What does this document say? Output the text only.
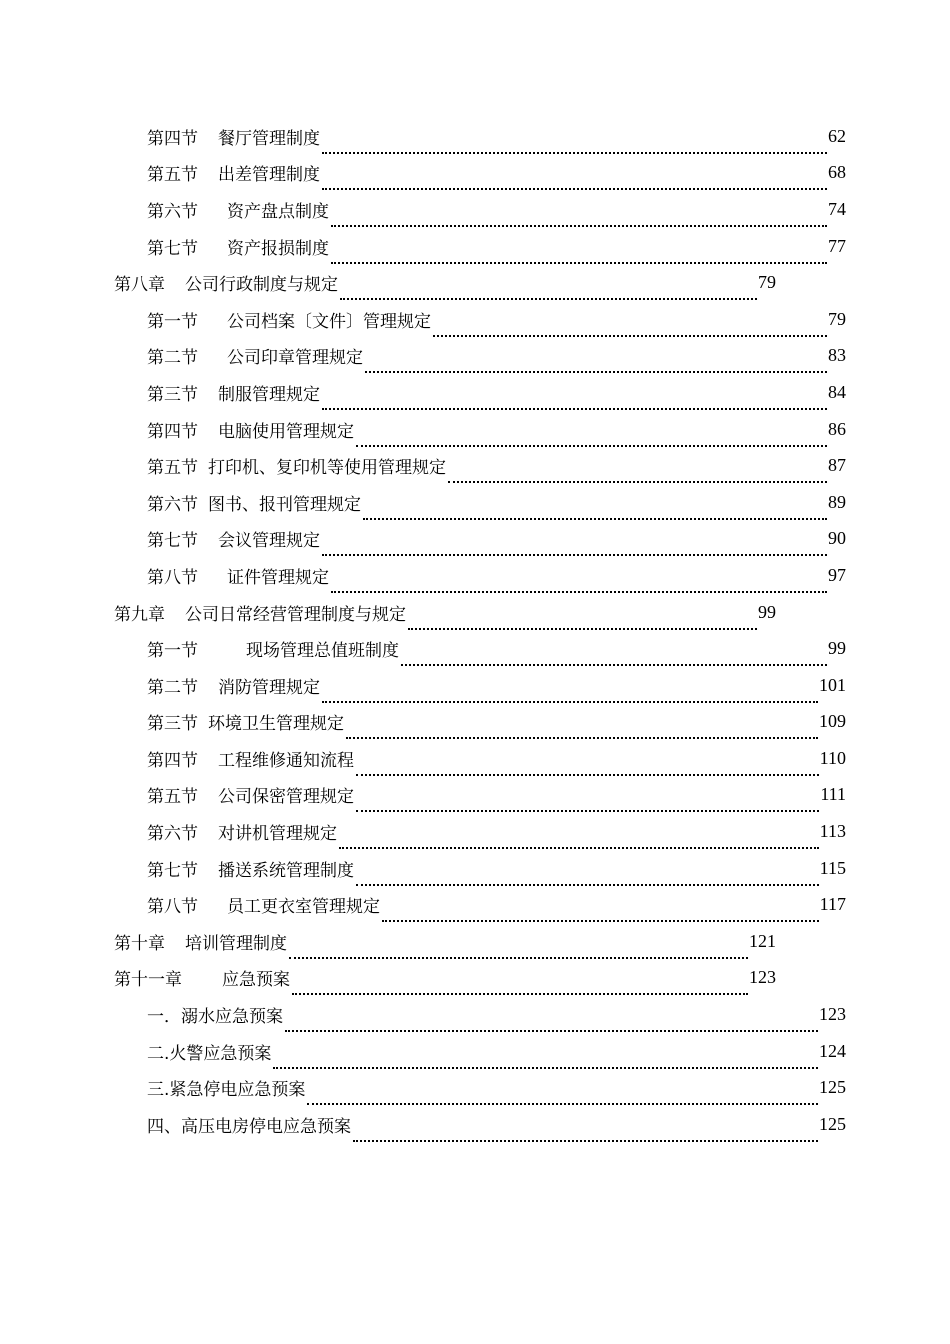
第四节 餐厅管理制度	62
第五节 出差管理制度	68
第六节 资产盘点制度	74
第七节 资产报损制度	77
第八章 公司行政制度与规定	79
第一节 公司档案〔文件〕管理规定	79
第二节 公司印章管理规定	83
第三节 制服管理规定	84
第四节 电脑使用管理规定	86
第五节 打印机、复印机等使用管理规定	87
第六节 图书、报刊管理规定	89
第七节 会议管理规定	90
第八节 证件管理规定	97
第九章 公司日常经营管理制度与规定	99
第一节	现场管理总值班制度	99
第二节 消防管理规定	101
第三节 环境卫生管理规定	109
第四节 工程维修通知流程	110
第五节 公司保密管理规定	111
第六节 对讲机管理规定	113
第七节 播送系统管理制度	115
第八节 员工更衣室管理规定	117
第十章 培训管理制度	121
第十一章 应急预案	123
一．溺水应急预案	123
二.火警应急预案	124
三.紧急停电应急预案	125
四、高压电房停电应急预案	125
